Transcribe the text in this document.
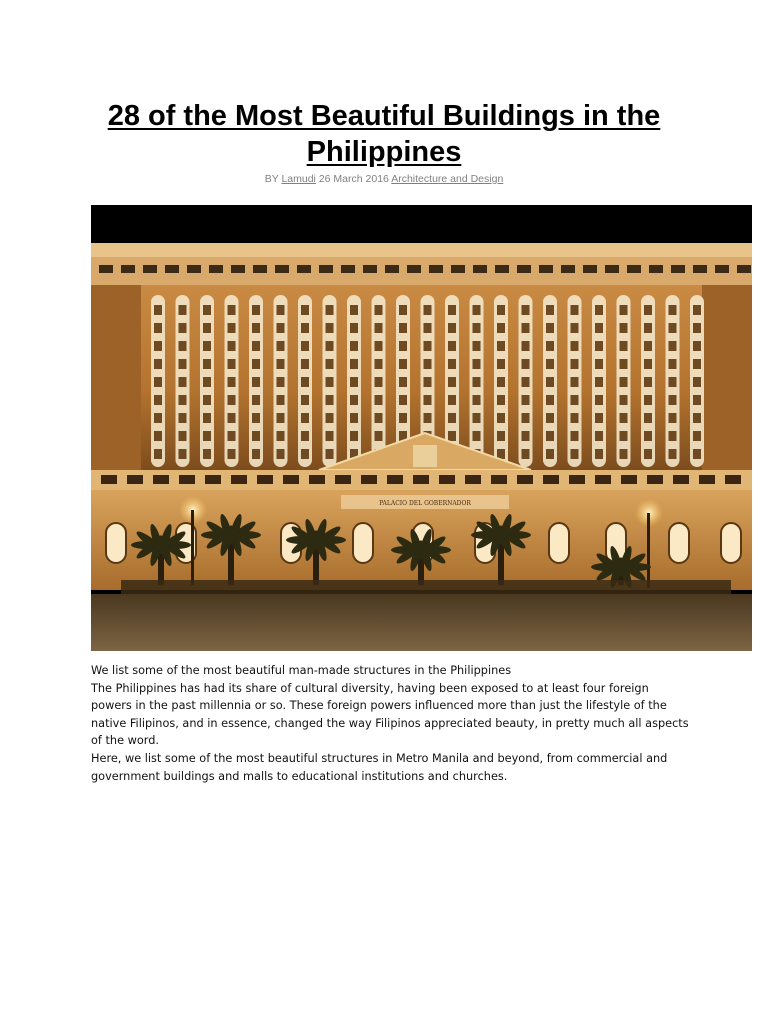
28 of the Most Beautiful Buildings in the Philippines
BY Lamudi 26 March 2016 Architecture and Design
PALACIO DEL GOBERNADOR

We list some of the most beautiful man-made structures in the Philippines

The Philippines has had its share of cultural diversity, having been exposed to at least four foreign powers in the past millennia or so. These foreign powers influenced more than just the lifestyle of the native Filipinos, and in essence, changed the way Filipinos appreciated beauty, in pretty much all aspects of the word.

Here, we list some of the most beautiful structures in Metro Manila and beyond, from commercial and government buildings and malls to educational institutions and churches.
